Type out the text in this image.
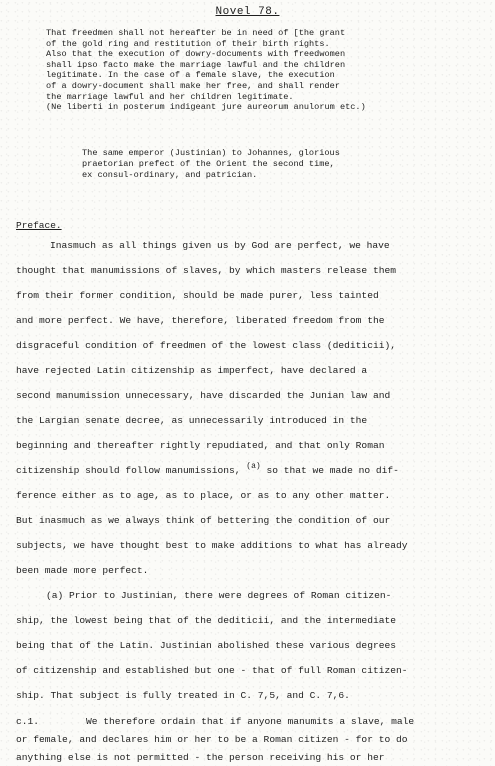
Novel 78.
That freedmen shall not hereafter be in need of [the grant
of the gold ring and restitution of their birth rights.
Also that the execution of dowry-documents with freedwomen
shall ipso facto make the marriage lawful and the children
legitimate. In the case of a female slave, the execution
of a dowry-document shall make her free, and shall render
the marriage lawful and her children legitimate.
(Ne liberti in posterum indigeant jure aureorum anulorum etc.)
The same emperor (Justinian) to Johannes, glorious
praetorian prefect of the Orient the second time,
ex consul-ordinary, and patrician.
Preface.
Inasmuch as all things given us by God are perfect, we have
thought that manumissions of slaves, by which masters release them
from their former condition, should be made purer, less tainted
and more perfect. We have, therefore, liberated freedom from the
disgraceful condition of freedmen of the lowest class (dediticii),
have rejected Latin citizenship as imperfect, have declared a
second manumission unnecessary, have discarded the Junian law and
the Largian senate decree, as unnecessarily introduced in the
beginning and thereafter rightly repudiated, and that only Roman
citizenship should follow manumissions, $^{(a)}$ so that we made no dif-
ference either as to age, as to place, or as to any other matter.
But inasmuch as we always think of bettering the condition of our
subjects, we have thought best to make additions to what has already
been made more perfect.
(a) Prior to Justinian, there were degrees of Roman citizen-
ship, the lowest being that of the dediticii, and the intermediate
being that of the Latin. Justinian abolished these various degrees
of citizenship and established but one - that of full Roman citizen-
ship. That subject is fully treated in C. 7,5, and C. 7,6.
c.1.	We therefore ordain that if anyone manumits a slave, male
or female, and declares him or her to be a Roman citizen - for to do
anything else is not permitted - the person receiving his or her
